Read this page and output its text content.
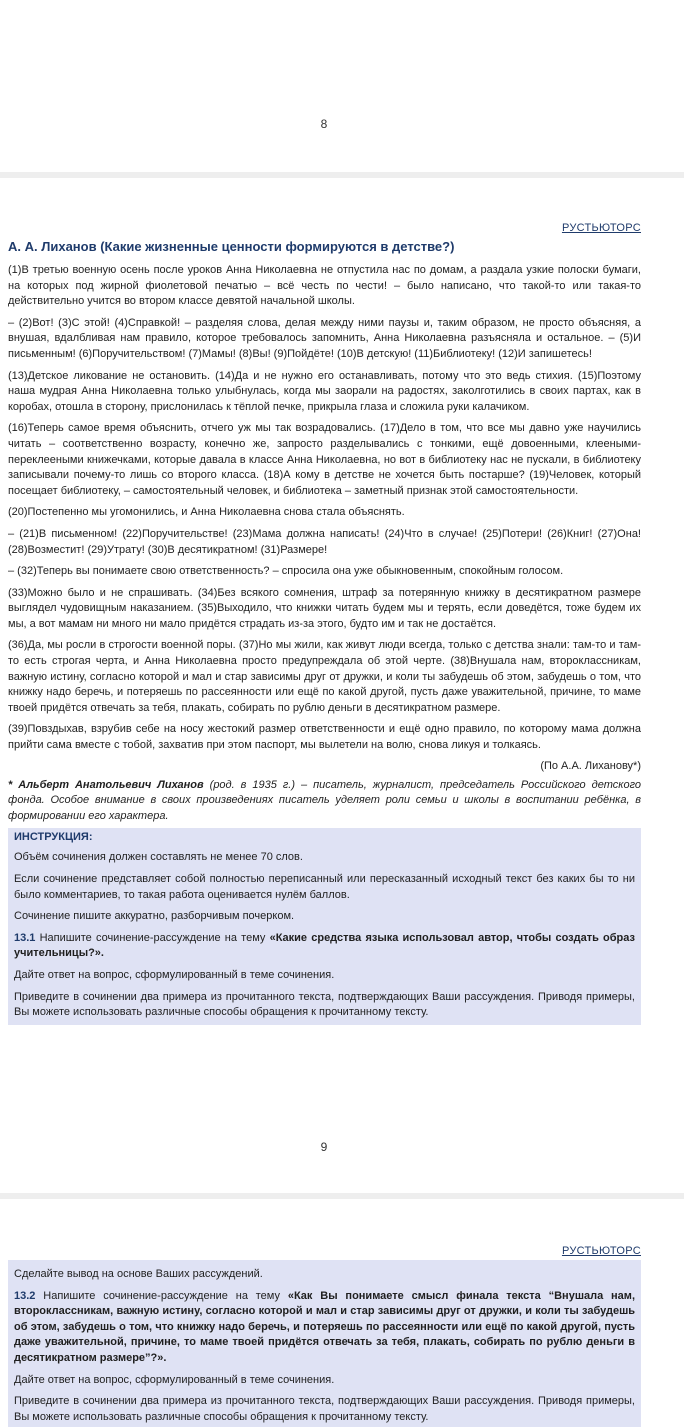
8
РУСТЬЮТОРС
А. А. Лиханов (Какие жизненные ценности формируются в детстве?)
(1)В третью военную осень после уроков Анна Николаевна не отпустила нас по домам, а раздала узкие полоски бумаги, на которых под жирной фиолетовой печатью – всё честь по чести! – было написано, что такой-то или такая-то действительно учится во втором классе девятой начальной школы.
– (2)Вот! (3)С этой! (4)Справкой! – разделяя слова, делая между ними паузы и, таким образом, не просто объясняя, а внушая, вдалбливая нам правило, которое требовалось запомнить, Анна Николаевна разъясняла и остальное. – (5)И письменным! (6)Поручительством! (7)Мамы! (8)Вы! (9)Пойдёте! (10)В детскую! (11)Библиотеку! (12)И запишетесь!
(13)Детское ликование не остановить. (14)Да и не нужно его останавливать, потому что это ведь стихия. (15)Поэтому наша мудрая Анна Николаевна только улыбнулась, когда мы заорали на радостях, заколготились в своих партах, как в коробах, отошла в сторону, прислонилась к тёплой печке, прикрыла глаза и сложила руки калачиком.
(16)Теперь самое время объяснить, отчего уж мы так возрадовались. (17)Дело в том, что все мы давно уже научились читать – соответственно возрасту, конечно же, запросто разделывались с тонкими, ещё довоенными, клееными-переклееными книжечками, которые давала в классе Анна Николаевна, но вот в библиотеку нас не пускали, в библиотеку записывали почему-то лишь со второго класса. (18)А кому в детстве не хочется быть постарше? (19)Человек, который посещает библиотеку, – самостоятельный человек, и библиотека – заметный признак этой самостоятельности.
(20)Постепенно мы угомонились, и Анна Николаевна снова стала объяснять.
– (21)В письменном! (22)Поручительстве! (23)Мама должна написать! (24)Что в случае! (25)Потери! (26)Книг! (27)Она! (28)Возместит! (29)Утрату! (30)В десятикратном! (31)Размере!
– (32)Теперь вы понимаете свою ответственность? – спросила она уже обыкновенным, спокойным голосом.
(33)Можно было и не спрашивать. (34)Без всякого сомнения, штраф за потерянную книжку в десятикратном размере выглядел чудовищным наказанием. (35)Выходило, что книжки читать будем мы и терять, если доведётся, тоже будем их мы, а вот мамам ни много ни мало придётся страдать из-за этого, будто им и так не достаётся.
(36)Да, мы росли в строгости военной поры. (37)Но мы жили, как живут люди всегда, только с детства знали: там-то и там-то есть строгая черта, и Анна Николаевна просто предупреждала об этой черте. (38)Внушала нам, второклассникам, важную истину, согласно которой и мал и стар зависимы друг от дружки, и коли ты забудешь об этом, забудешь о том, что книжку надо беречь, и потеряешь по рассеянности или ещё по какой другой, пусть даже уважительной, причине, то маме твоей придётся отвечать за тебя, плакать, собирать по рублю деньги в десятикратном размере.
(39)Повздыхав, взрубив себе на носу жестокий размер ответственности и ещё одно правило, по которому мама должна прийти сама вместе с тобой, захватив при этом паспорт, мы вылетели на волю, снова ликуя и толкаясь.
(По А.А. Лиханову*)
* Альберт Анатольевич Лиханов (род. в 1935 г.) – писатель, журналист, председатель Российского детского фонда. Особое внимание в своих произведениях писатель уделяет роли семьи и школы в воспитании ребёнка, в формировании его характера.
ИНСТРУКЦИЯ:
Объём сочинения должен составлять не менее 70 слов.
Если сочинение представляет собой полностью переписанный или пересказанный исходный текст без каких бы то ни было комментариев, то такая работа оценивается нулём баллов.
Сочинение пишите аккуратно, разборчивым почерком.
13.1 Напишите сочинение-рассуждение на тему «Какие средства языка использовал автор, чтобы создать образ учительницы?».
Дайте ответ на вопрос, сформулированный в теме сочинения.
Приведите в сочинении два примера из прочитанного текста, подтверждающих Ваши рассуждения. Приводя примеры, Вы можете использовать различные способы обращения к прочитанному тексту.
9
РУСТЬЮТОРС
Сделайте вывод на основе Ваших рассуждений.
13.2 Напишите сочинение-рассуждение на тему «Как Вы понимаете смысл финала текста “Внушала нам, второклассникам, важную истину, согласно которой и мал и стар зависимы друг от дружки, и коли ты забудешь об этом, забудешь о том, что книжку надо беречь, и потеряешь по рассеянности или ещё по какой другой, пусть даже уважительной, причине, то маме твоей придётся отвечать за тебя, плакать, собирать по рублю деньги в десятикратном размере”?».
Дайте ответ на вопрос, сформулированный в теме сочинения.
Приведите в сочинении два примера из прочитанного текста, подтверждающих Ваши рассуждения. Приводя примеры, Вы можете использовать различные способы обращения к прочитанному тексту.
